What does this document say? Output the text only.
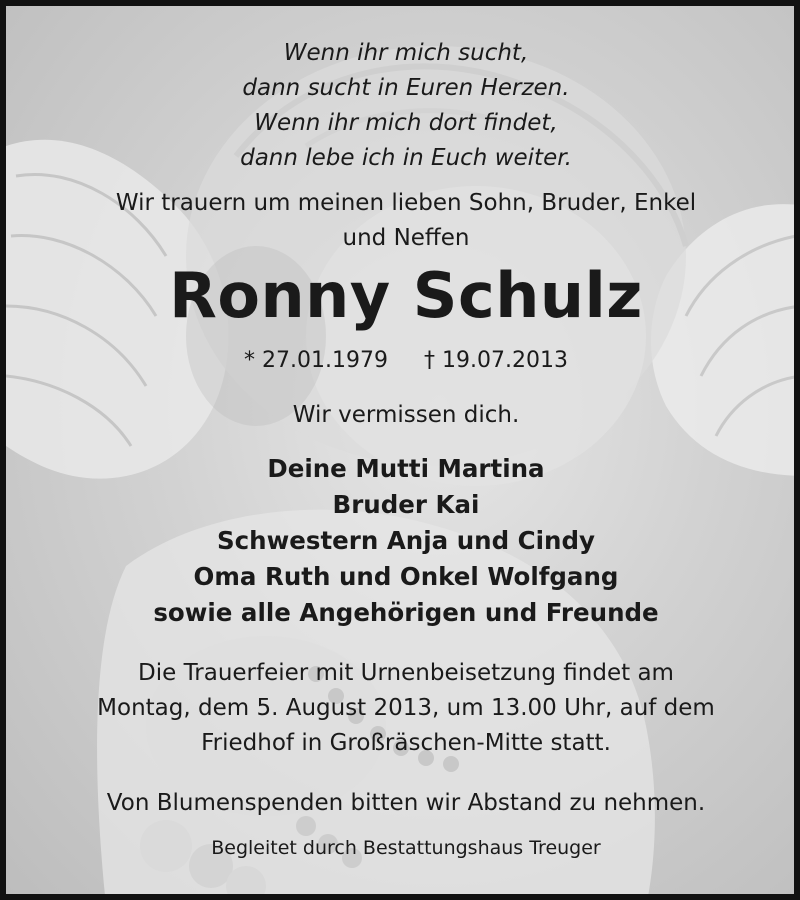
Wenn ihr mich sucht,
dann sucht in Euren Herzen.
Wenn ihr mich dort findet,
dann lebe ich in Euch weiter.
Wir trauern um meinen lieben Sohn, Bruder, Enkel
und Neffen
Ronny Schulz
* 27.01.1979 † 19.07.2013
Wir vermissen dich.
Deine Mutti Martina
Bruder Kai
Schwestern Anja und Cindy
Oma Ruth und Onkel Wolfgang
sowie alle Angehörigen und Freunde
Die Trauerfeier mit Urnenbeisetzung findet am
Montag, dem 5. August 2013, um 13.00 Uhr, auf dem
Friedhof in Großräschen-Mitte statt.
Von Blumenspenden bitten wir Abstand zu nehmen.
Begleitet durch Bestattungshaus Treuger
